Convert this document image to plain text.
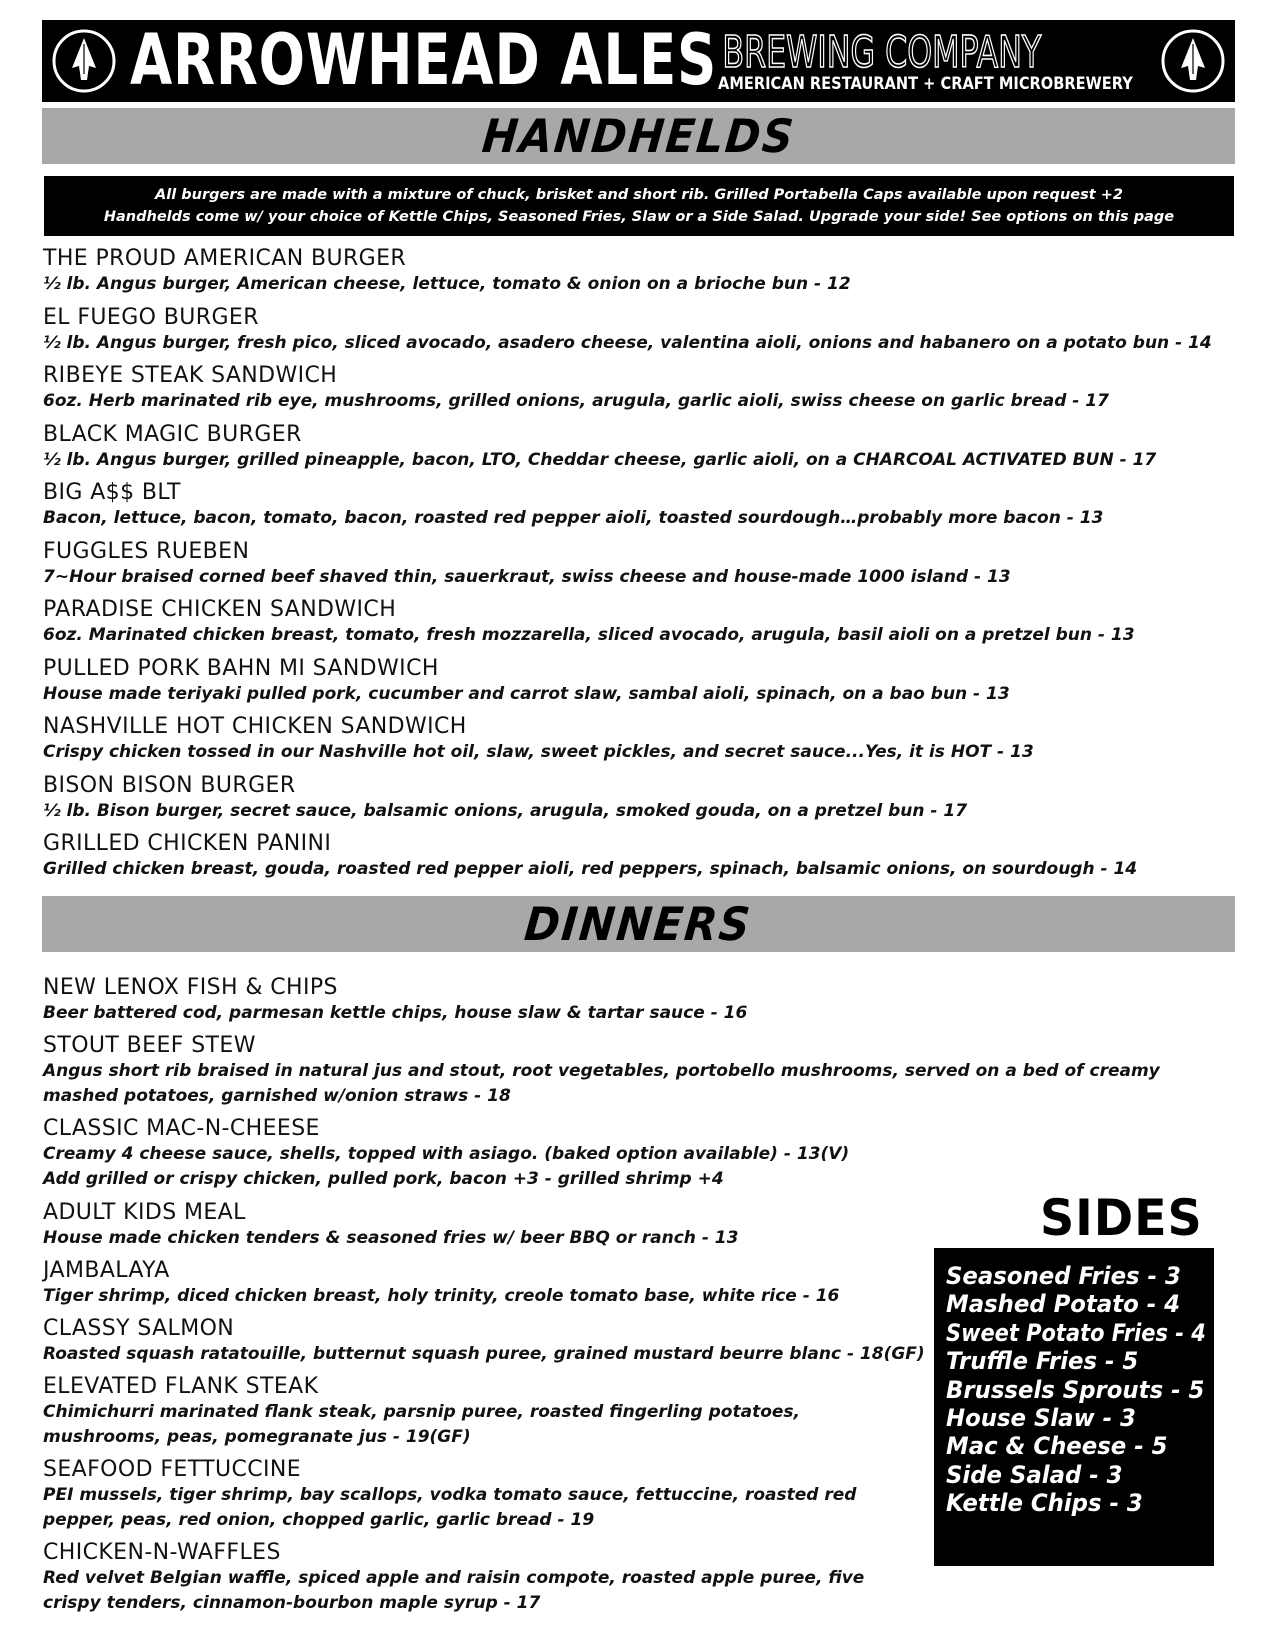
ARROWHEAD ALES BREWING COMPANY
AMERICAN RESTAURANT + CRAFT MICROBREWERY
HANDHELDS
All burgers are made with a mixture of chuck, brisket and short rib. Grilled Portabella Caps available upon request +2
Handhelds come w/ your choice of Kettle Chips, Seasoned Fries, Slaw or a Side Salad. Upgrade your side! See options on this page
THE PROUD AMERICAN BURGER
½ lb. Angus burger, American cheese, lettuce, tomato & onion on a brioche bun - 12
EL FUEGO BURGER
½ lb. Angus burger, fresh pico, sliced avocado, asadero cheese, valentina aioli, onions and habanero on a potato bun - 14
RIBEYE STEAK SANDWICH
6oz. Herb marinated rib eye, mushrooms, grilled onions, arugula, garlic aioli, swiss cheese on garlic bread - 17
BLACK MAGIC BURGER
½ lb. Angus burger, grilled pineapple, bacon, LTO, Cheddar cheese, garlic aioli, on a CHARCOAL ACTIVATED BUN - 17
BIG A$$ BLT
Bacon, lettuce, bacon, tomato, bacon, roasted red pepper aioli, toasted sourdough…probably more bacon - 13
FUGGLES RUEBEN
7~Hour braised corned beef shaved thin, sauerkraut, swiss cheese and house-made 1000 island - 13
PARADISE CHICKEN SANDWICH
6oz. Marinated chicken breast, tomato, fresh mozzarella, sliced avocado, arugula, basil aioli on a pretzel bun - 13
PULLED PORK BAHN MI SANDWICH
House made teriyaki pulled pork, cucumber and carrot slaw, sambal aioli, spinach, on a bao bun - 13
NASHVILLE HOT CHICKEN SANDWICH
Crispy chicken tossed in our Nashville hot oil, slaw, sweet pickles, and secret sauce...Yes, it is HOT - 13
BISON BISON BURGER
½ lb. Bison burger, secret sauce, balsamic onions, arugula, smoked gouda, on a pretzel bun - 17
GRILLED CHICKEN PANINI
Grilled chicken breast, gouda, roasted red pepper aioli, red peppers, spinach, balsamic onions, on sourdough - 14
DINNERS
NEW LENOX FISH & CHIPS
Beer battered cod, parmesan kettle chips, house slaw & tartar sauce - 16
STOUT BEEF STEW
Angus short rib braised in natural jus and stout, root vegetables, portobello mushrooms, served on a bed of creamy
mashed potatoes, garnished w/onion straws - 18
CLASSIC MAC-N-CHEESE
Creamy 4 cheese sauce, shells, topped with asiago. (baked option available) - 13(V)
Add grilled or crispy chicken, pulled pork, bacon +3 - grilled shrimp +4
ADULT KIDS MEAL
House made chicken tenders & seasoned fries w/ beer BBQ or ranch - 13
JAMBALAYA
Tiger shrimp, diced chicken breast, holy trinity, creole tomato base, white rice - 16
CLASSY SALMON
Roasted squash ratatouille, butternut squash puree, grained mustard beurre blanc - 18(GF)
ELEVATED FLANK STEAK
Chimichurri marinated flank steak, parsnip puree, roasted fingerling potatoes,
mushrooms, peas, pomegranate jus - 19(GF)
SEAFOOD FETTUCCINE
PEI mussels, tiger shrimp, bay scallops, vodka tomato sauce, fettuccine, roasted red
pepper, peas, red onion, chopped garlic, garlic bread - 19
CHICKEN-N-WAFFLES
Red velvet Belgian waffle, spiced apple and raisin compote, roasted apple puree, five
crispy tenders, cinnamon-bourbon maple syrup - 17
SIDES
Seasoned Fries - 3
Mashed Potato - 4
Sweet Potato Fries - 4
Truffle Fries - 5
Brussels Sprouts - 5
House Slaw - 3
Mac & Cheese - 5
Side Salad - 3
Kettle Chips - 3
